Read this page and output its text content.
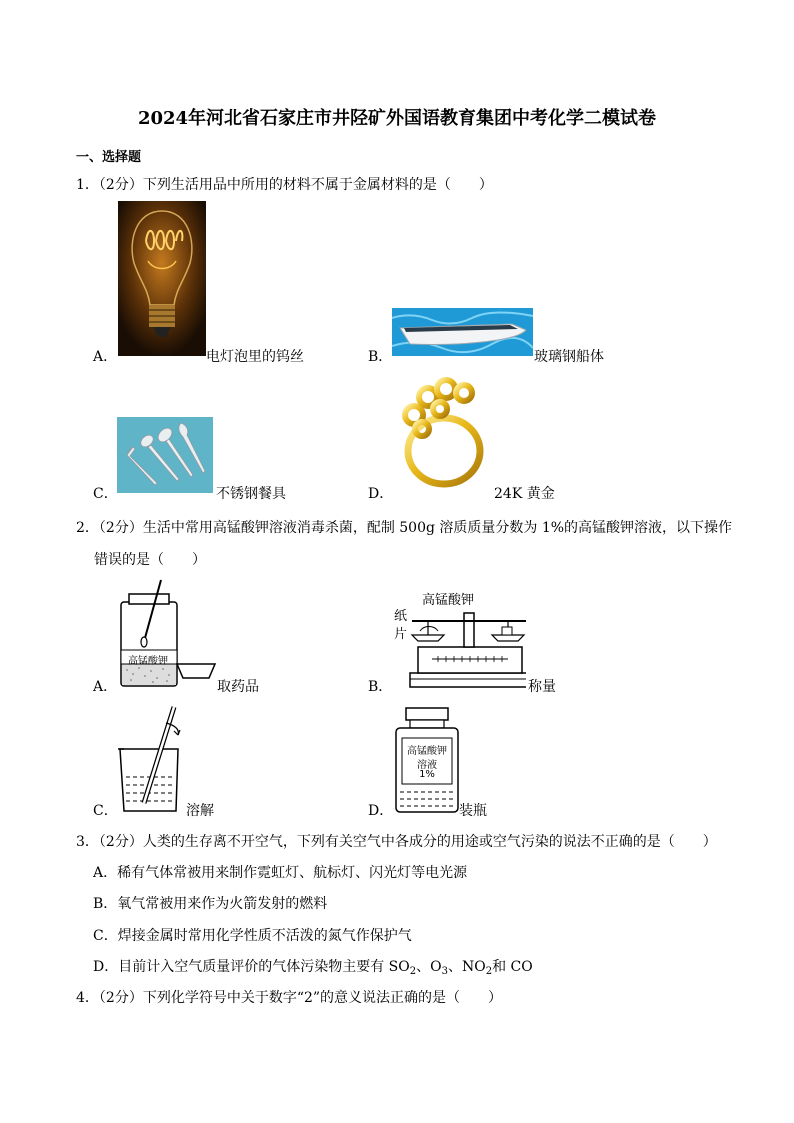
2024年河北省石家庄市井陉矿外国语教育集团中考化学二模试卷
一、选择题
1．（2分）下列生活用品中所用的材料不属于金属材料的是（　　）
A．	电灯泡里的钨丝	B．	玻璃钢船体
C．	不锈钢餐具	D．	24K 黄金
2．（2分）生活中常用高锰酸钾溶液消毒杀菌，配制 500g 溶质质量分数为 1%的高锰酸钾溶液，以下操作
错误的是（　　）
高锰酸钾
A．	取药品
高锰酸钾
纸
片
B．	称量
C．	溶解
高锰酸钾
溶液
1%
D．	装瓶
3．（2分）人类的生存离不开空气，下列有关空气中各成分的用途或空气污染的说法不正确的是（　　）
A．稀有气体常被用来制作霓虹灯、航标灯、闪光灯等电光源
B．氧气常被用来作为火箭发射的燃料
C．焊接金属时常用化学性质不活泼的氮气作保护气
D．目前计入空气质量评价的气体污染物主要有 $SO_2$、$O_3$、$NO_2$和 CO
4．（2分）下列化学符号中关于数字“2”的意义说法正确的是（　　）
